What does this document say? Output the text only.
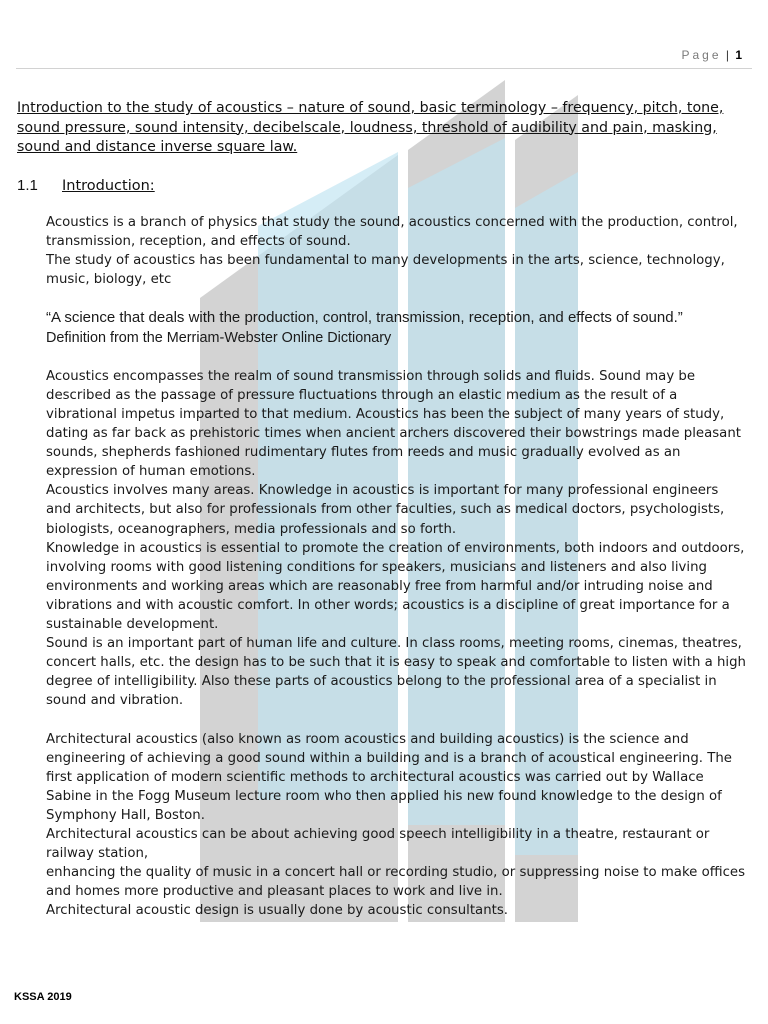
Page | 1
Introduction to the study of acoustics – nature of sound, basic terminology – frequency, pitch, tone, sound pressure, sound intensity, decibelscale, loudness, threshold of audibility and pain, masking, sound and distance inverse square law.
1.1 Introduction:

Acoustics is a branch of physics that study the sound, acoustics concerned with the production, control, transmission, reception, and effects of sound.

The study of acoustics has been fundamental to many developments in the arts, science, technology, music, biology, etc

“A science that deals with the production, control, transmission, reception, and effects of sound.” Definition from the Merriam-Webster Online Dictionary

Acoustics encompasses the realm of sound transmission through solids and fluids. Sound may be described as the passage of pressure fluctuations through an elastic medium as the result of a vibrational impetus imparted to that medium. Acoustics has been the subject of many years of study, dating as far back as prehistoric times when ancient archers discovered their bowstrings made pleasant sounds, shepherds fashioned rudimentary flutes from reeds and music gradually evolved as an expression of human emotions.

Acoustics involves many areas. Knowledge in acoustics is important for many professional engineers and architects, but also for professionals from other faculties, such as medical doctors, psychologists, biologists, oceanographers, media professionals and so forth.

Knowledge in acoustics is essential to promote the creation of environments, both indoors and outdoors, involving rooms with good listening conditions for speakers, musicians and listeners and also living environments and working areas which are reasonably free from harmful and/or intruding noise and vibrations and with acoustic comfort. In other words; acoustics is a discipline of great importance for a sustainable development.

Sound is an important part of human life and culture. In class rooms, meeting rooms, cinemas, theatres, concert halls, etc. the design has to be such that it is easy to speak and comfortable to listen with a high degree of intelligibility. Also these parts of acoustics belong to the professional area of a specialist in sound and vibration.

Architectural acoustics (also known as room acoustics and building acoustics) is the science and engineering of achieving a good sound within a building and is a branch of acoustical engineering. The first application of modern scientific methods to architectural acoustics was carried out by Wallace Sabine in the Fogg Museum lecture room who then applied his new found knowledge to the design of Symphony Hall, Boston.

Architectural acoustics can be about achieving good speech intelligibility in a theatre, restaurant or railway station,

enhancing the quality of music in a concert hall or recording studio, or suppressing noise to make offices and homes more productive and pleasant places to work and live in.

Architectural acoustic design is usually done by acoustic consultants.

KSSA 2019
